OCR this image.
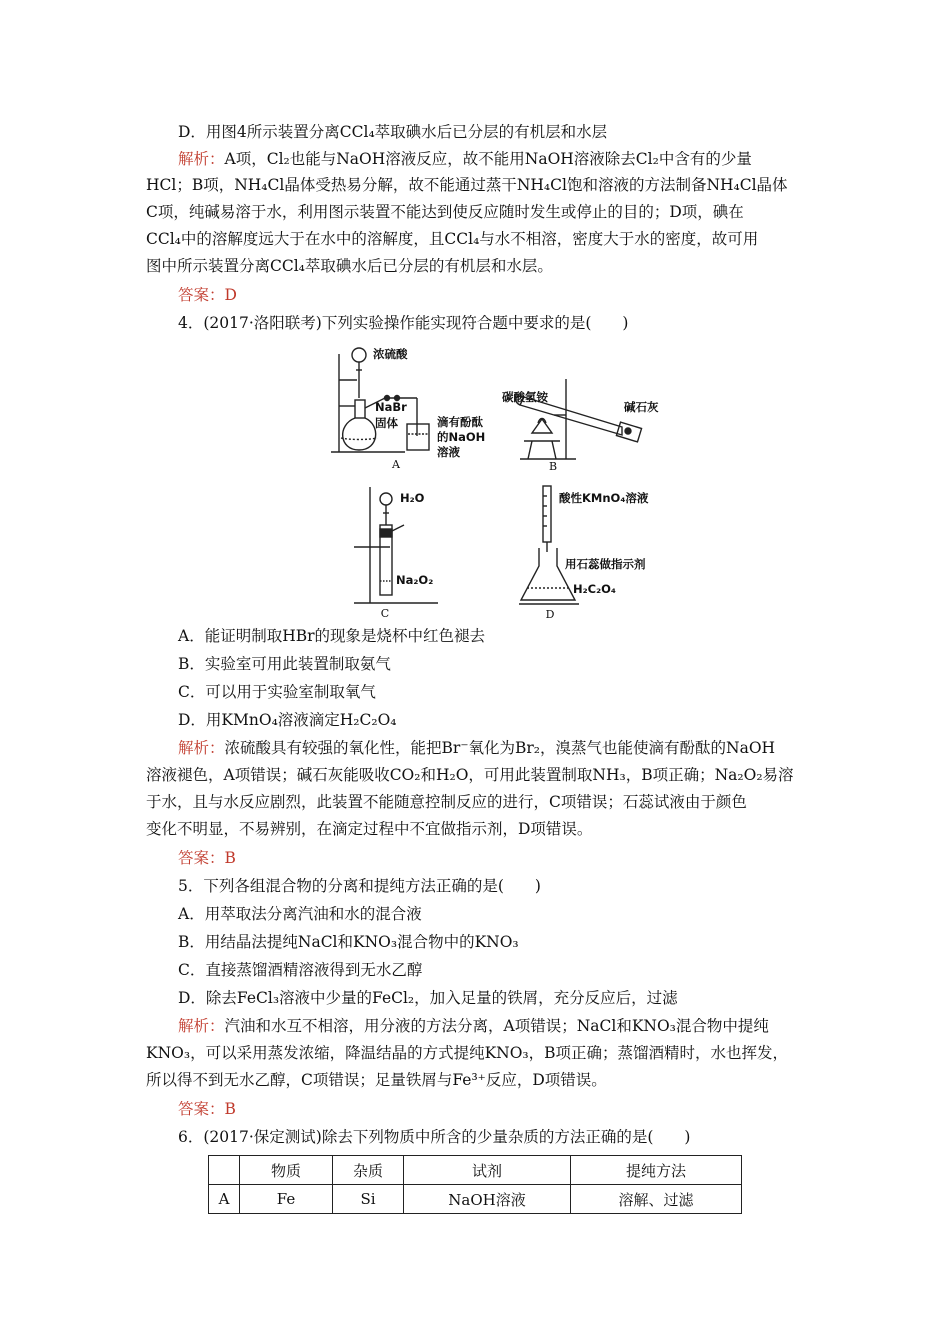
D．用图4所示装置分离CCl₄萃取碘水后已分层的有机层和水层
解析：A项，Cl₂也能与NaOH溶液反应，故不能用NaOH溶液除去Cl₂中含有的少量
HCl；B项，NH₄Cl晶体受热易分解，故不能通过蒸干NH₄Cl饱和溶液的方法制备NH₄Cl晶体
C项，纯碱易溶于水，利用图示装置不能达到使反应随时发生或停止的目的；D项，碘在
CCl₄中的溶解度远大于在水中的溶解度，且CCl₄与水不相溶，密度大于水的密度，故可用
图中所示装置分离CCl₄萃取碘水后已分层的有机层和水层。
答案：D
4．(2017·洛阳联考)下列实验操作能实现符合题中要求的是(　　)
浓硫酸
NaBr
固体	滴有酚酞
的NaOH
溶液
A
碳酸氢铵
碱石灰
B
H₂O
Na₂O₂
C
酸性KMnO₄溶液
用石蕊做指示剂
H₂C₂O₄
D
A．能证明制取HBr的现象是烧杯中红色褪去
B．实验室可用此装置制取氨气
C．可以用于实验室制取氧气
D．用KMnO₄溶液滴定H₂C₂O₄
解析：浓硫酸具有较强的氧化性，能把Br⁻氧化为Br₂，溴蒸气也能使滴有酚酞的NaOH
溶液褪色，A项错误；碱石灰能吸收CO₂和H₂O，可用此装置制取NH₃，B项正确；Na₂O₂易溶
于水，且与水反应剧烈，此装置不能随意控制反应的进行，C项错误；石蕊试液由于颜色
变化不明显，不易辨别，在滴定过程中不宜做指示剂，D项错误。
答案：B
5．下列各组混合物的分离和提纯方法正确的是(　　)
A．用萃取法分离汽油和水的混合液
B．用结晶法提纯NaCl和KNO₃混合物中的KNO₃
C．直接蒸馏酒精溶液得到无水乙醇
D．除去FeCl₃溶液中少量的FeCl₂，加入足量的铁屑，充分反应后，过滤
解析：汽油和水互不相溶，用分液的方法分离，A项错误；NaCl和KNO₃混合物中提纯
KNO₃，可以采用蒸发浓缩，降温结晶的方式提纯KNO₃，B项正确；蒸馏酒精时，水也挥发，
所以得不到无水乙醇，C项错误；足量铁屑与Fe³⁺反应，D项错误。
答案：B
6．(2017·保定测试)除去下列物质中所含的少量杂质的方法正确的是(　　)
	物质	杂质	试剂	提纯方法
A	Fe	Si	NaOH溶液	溶解、过滤
